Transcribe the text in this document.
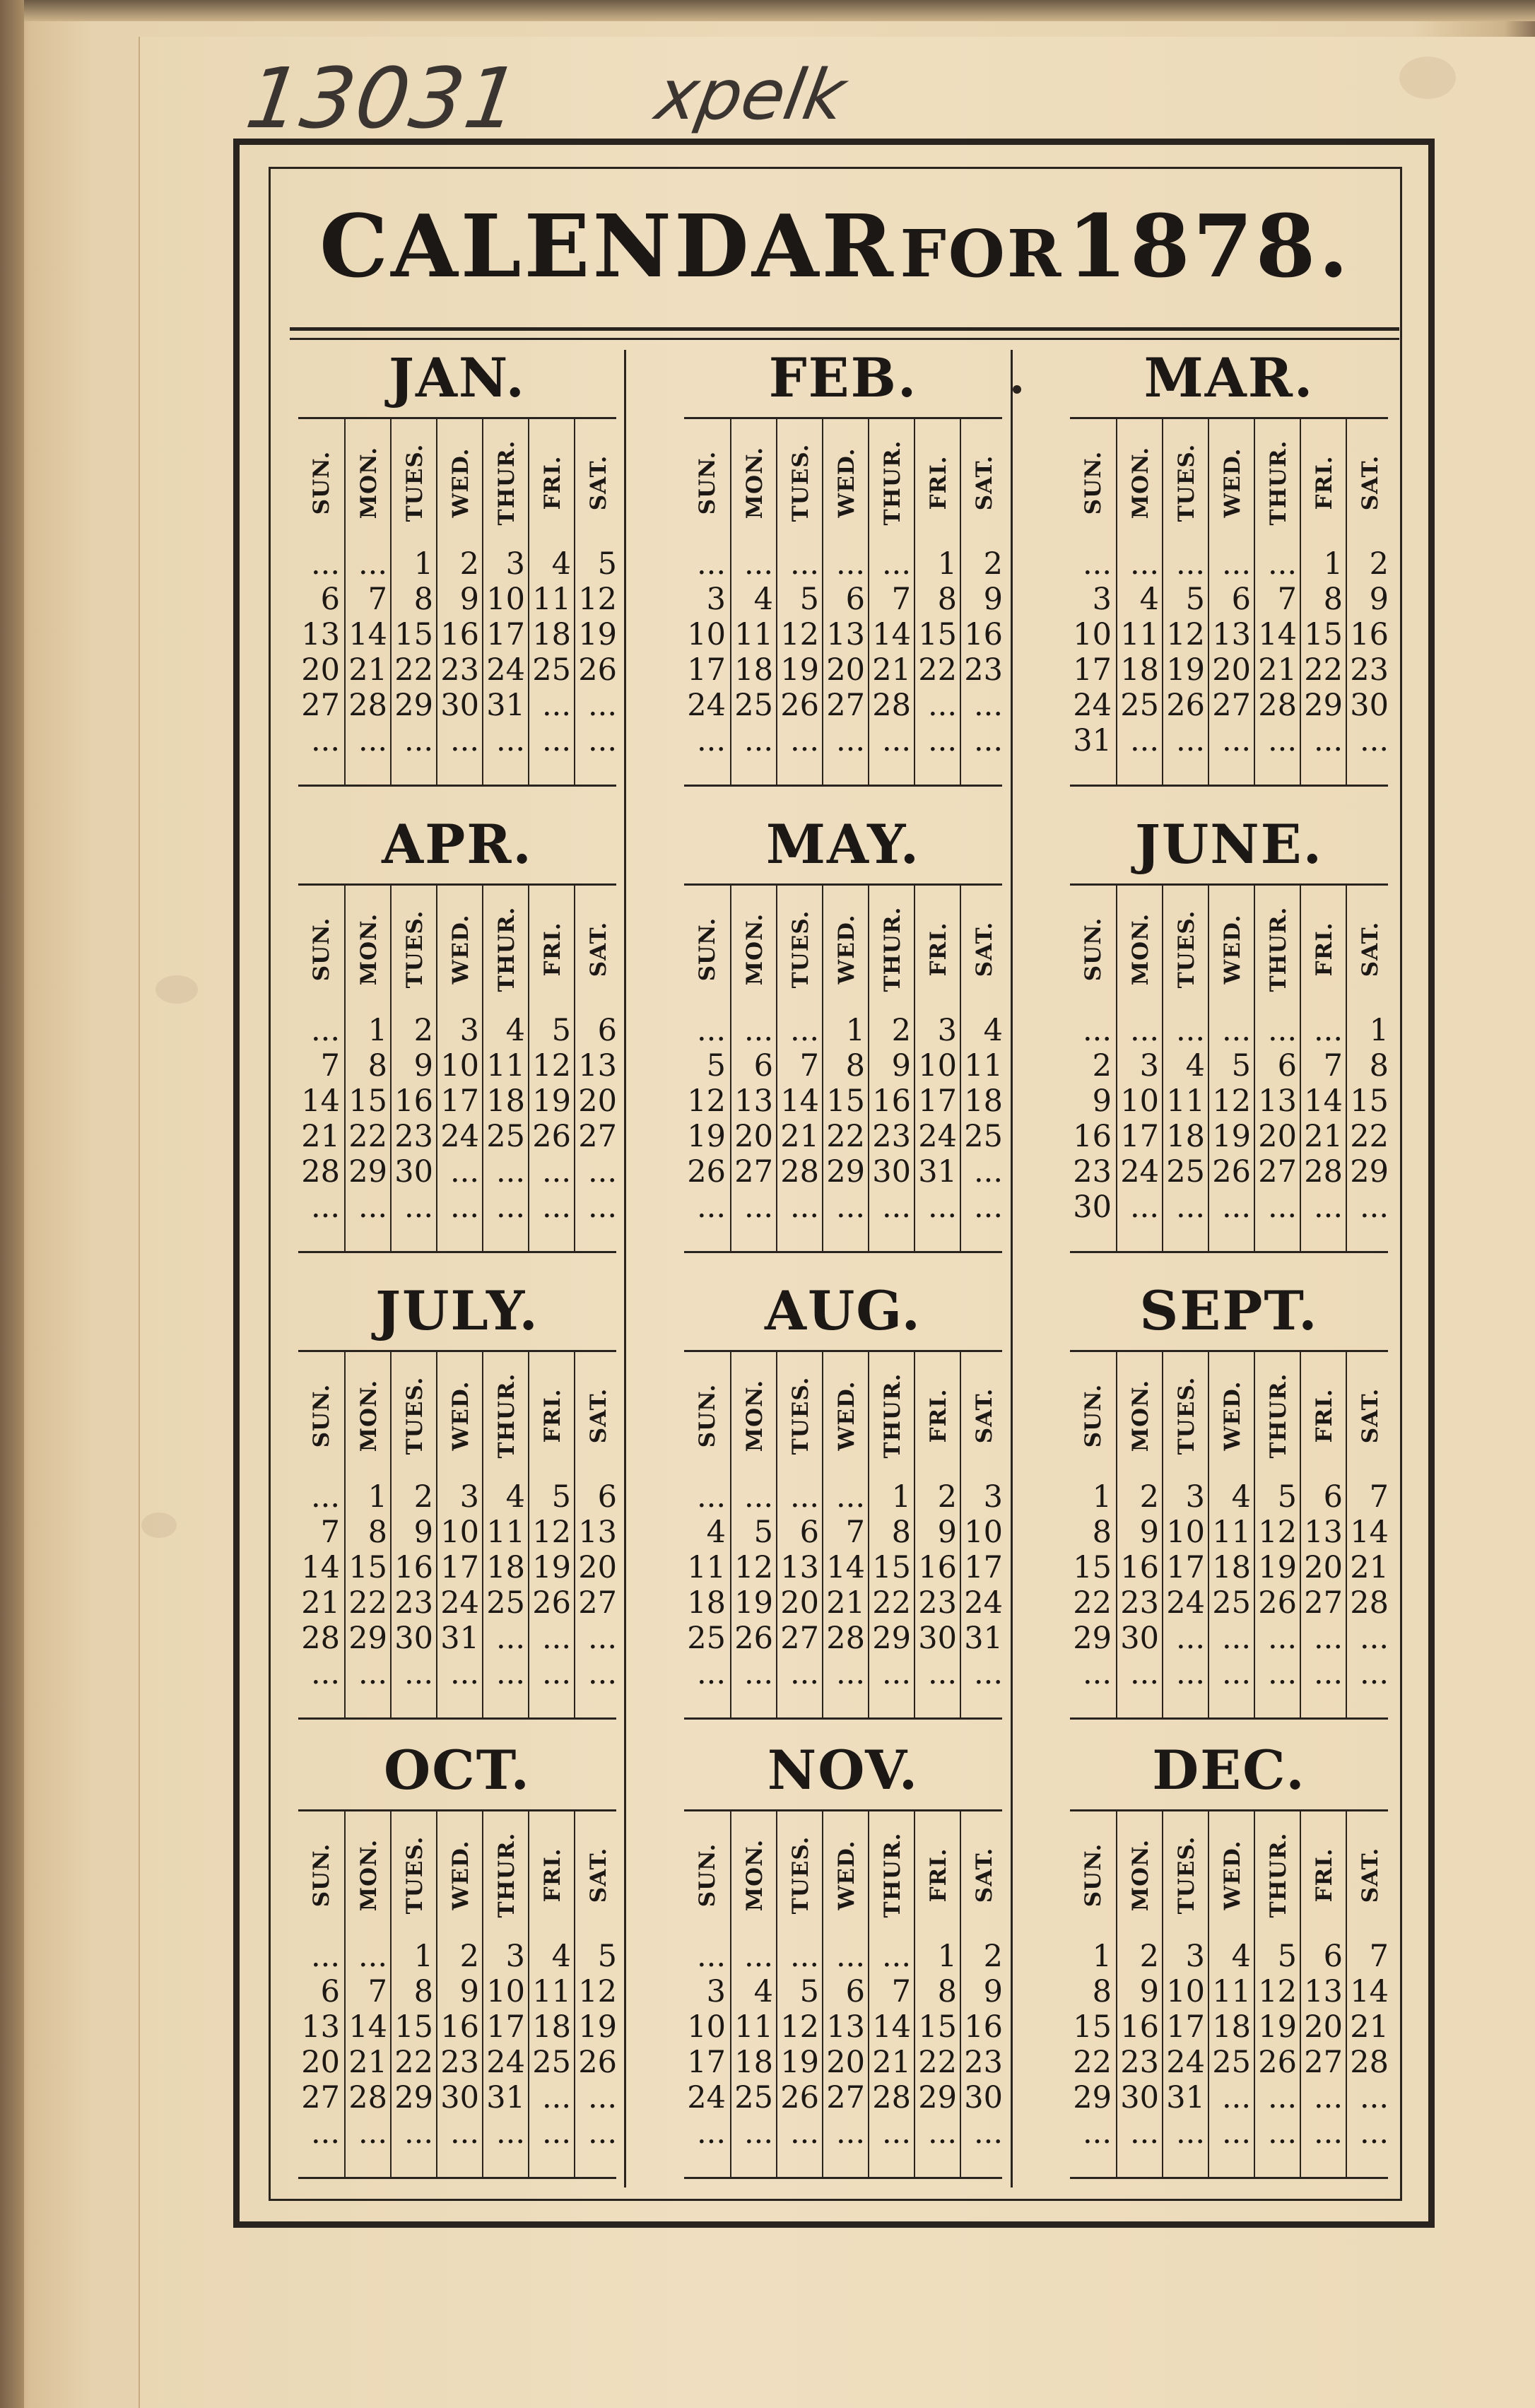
13031 xpelk
CALENDAR FOR 1878.
JAN.
SUN.
...
6
13
20
27
...
MON.
...
7
14
21
28
...
TUES.
1
8
15
22
29
...
WED.
2
9
16
23
30
...
THUR.
3
10
17
24
31
...
FRI.
4
11
18
25
...
...
SAT.
5
12
19
26
...
...
FEB.
SUN.
...
3
10
17
24
...
MON.
...
4
11
18
25
...
TUES.
...
5
12
19
26
...
WED.
...
6
13
20
27
...
THUR.
...
7
14
21
28
...
FRI.
1
8
15
22
...
...
SAT.
2
9
16
23
...
...
MAR.
SUN.
...
3
10
17
24
31
MON.
...
4
11
18
25
...
TUES.
...
5
12
19
26
...
WED.
...
6
13
20
27
...
THUR.
...
7
14
21
28
...
FRI.
1
8
15
22
29
...
SAT.
2
9
16
23
30
...
APR.
SUN.
...
7
14
21
28
...
MON.
1
8
15
22
29
...
TUES.
2
9
16
23
30
...
WED.
3
10
17
24
...
...
THUR.
4
11
18
25
...
...
FRI.
5
12
19
26
...
...
SAT.
6
13
20
27
...
...
MAY.
SUN.
...
5
12
19
26
...
MON.
...
6
13
20
27
...
TUES.
...
7
14
21
28
...
WED.
1
8
15
22
29
...
THUR.
2
9
16
23
30
...
FRI.
3
10
17
24
31
...
SAT.
4
11
18
25
...
...
JUNE.
SUN.
...
2
9
16
23
30
MON.
...
3
10
17
24
...
TUES.
...
4
11
18
25
...
WED.
...
5
12
19
26
...
THUR.
...
6
13
20
27
...
FRI.
...
7
14
21
28
...
SAT.
1
8
15
22
29
...
JULY.
SUN.
...
7
14
21
28
...
MON.
1
8
15
22
29
...
TUES.
2
9
16
23
30
...
WED.
3
10
17
24
31
...
THUR.
4
11
18
25
...
...
FRI.
5
12
19
26
...
...
SAT.
6
13
20
27
...
...
AUG.
SUN.
...
4
11
18
25
...
MON.
...
5
12
19
26
...
TUES.
...
6
13
20
27
...
WED.
...
7
14
21
28
...
THUR.
1
8
15
22
29
...
FRI.
2
9
16
23
30
...
SAT.
3
10
17
24
31
...
SEPT.
SUN.
1
8
15
22
29
...
MON.
2
9
16
23
30
...
TUES.
3
10
17
24
...
...
WED.
4
11
18
25
...
...
THUR.
5
12
19
26
...
...
FRI.
6
13
20
27
...
...
SAT.
7
14
21
28
...
...
OCT.
SUN.
...
6
13
20
27
...
MON.
...
7
14
21
28
...
TUES.
1
8
15
22
29
...
WED.
2
9
16
23
30
...
THUR.
3
10
17
24
31
...
FRI.
4
11
18
25
...
...
SAT.
5
12
19
26
...
...
NOV.
SUN.
...
3
10
17
24
...
MON.
...
4
11
18
25
...
TUES.
...
5
12
19
26
...
WED.
...
6
13
20
27
...
THUR.
...
7
14
21
28
...
FRI.
1
8
15
22
29
...
SAT.
2
9
16
23
30
...
DEC.
SUN.
1
8
15
22
29
...
MON.
2
9
16
23
30
...
TUES.
3
10
17
24
31
...
WED.
4
11
18
25
...
...
THUR.
5
12
19
26
...
...
FRI.
6
13
20
27
...
...
SAT.
7
14
21
28
...
...
